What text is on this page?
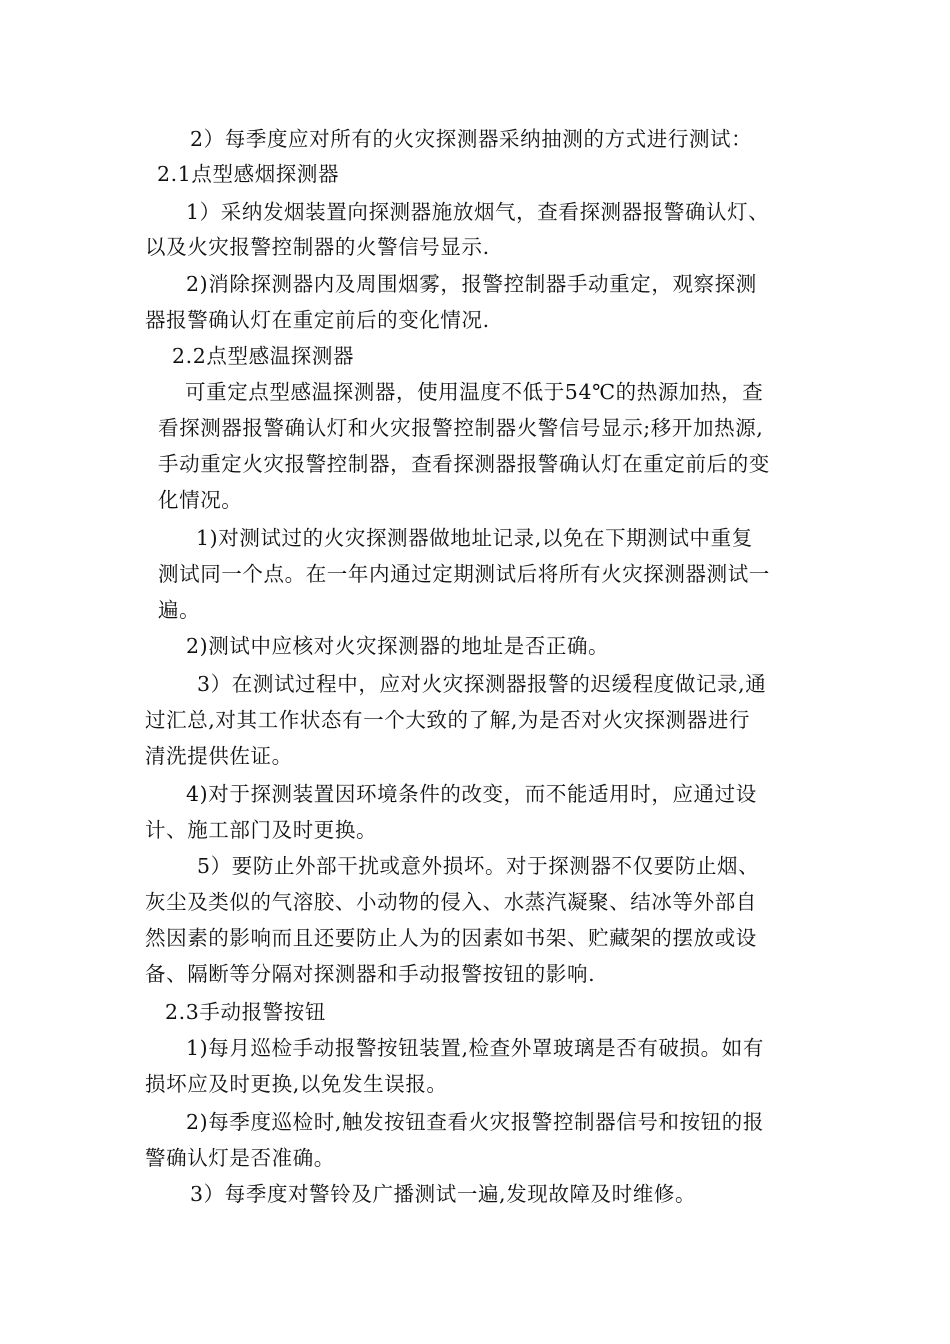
2）每季度应对所有的火灾探测器采纳抽测的方式进行测试：
2.1点型感烟探测器
1）采纳发烟装置向探测器施放烟气，查看探测器报警确认灯、
以及火灾报警控制器的火警信号显示.
2)消除探测器内及周围烟雾，报警控制器手动重定，观察探测
器报警确认灯在重定前后的变化情况.
2.2点型感温探测器
可重定点型感温探测器，使用温度不低于54℃的热源加热，查
看探测器报警确认灯和火灾报警控制器火警信号显示;移开加热源,
手动重定火灾报警控制器，查看探测器报警确认灯在重定前后的变
化情况。
1)对测试过的火灾探测器做地址记录,以免在下期测试中重复
测试同一个点。在一年内通过定期测试后将所有火灾探测器测试一
遍。
2)测试中应核对火灾探测器的地址是否正确。
3）在测试过程中，应对火灾探测器报警的迟缓程度做记录,通
过汇总,对其工作状态有一个大致的了解,为是否对火灾探测器进行
清洗提供佐证。
4)对于探测装置因环境条件的改变，而不能适用时，应通过设
计、施工部门及时更换。
5）要防止外部干扰或意外损坏。对于探测器不仅要防止烟、
灰尘及类似的气溶胶、小动物的侵入、水蒸汽凝聚、结冰等外部自
然因素的影响而且还要防止人为的因素如书架、贮藏架的摆放或设
备、隔断等分隔对探测器和手动报警按钮的影响.
2.3手动报警按钮
1)每月巡检手动报警按钮装置,检查外罩玻璃是否有破损。如有
损坏应及时更换,以免发生误报。
2)每季度巡检时,触发按钮查看火灾报警控制器信号和按钮的报
警确认灯是否准确。
3）每季度对警铃及广播测试一遍,发现故障及时维修。
